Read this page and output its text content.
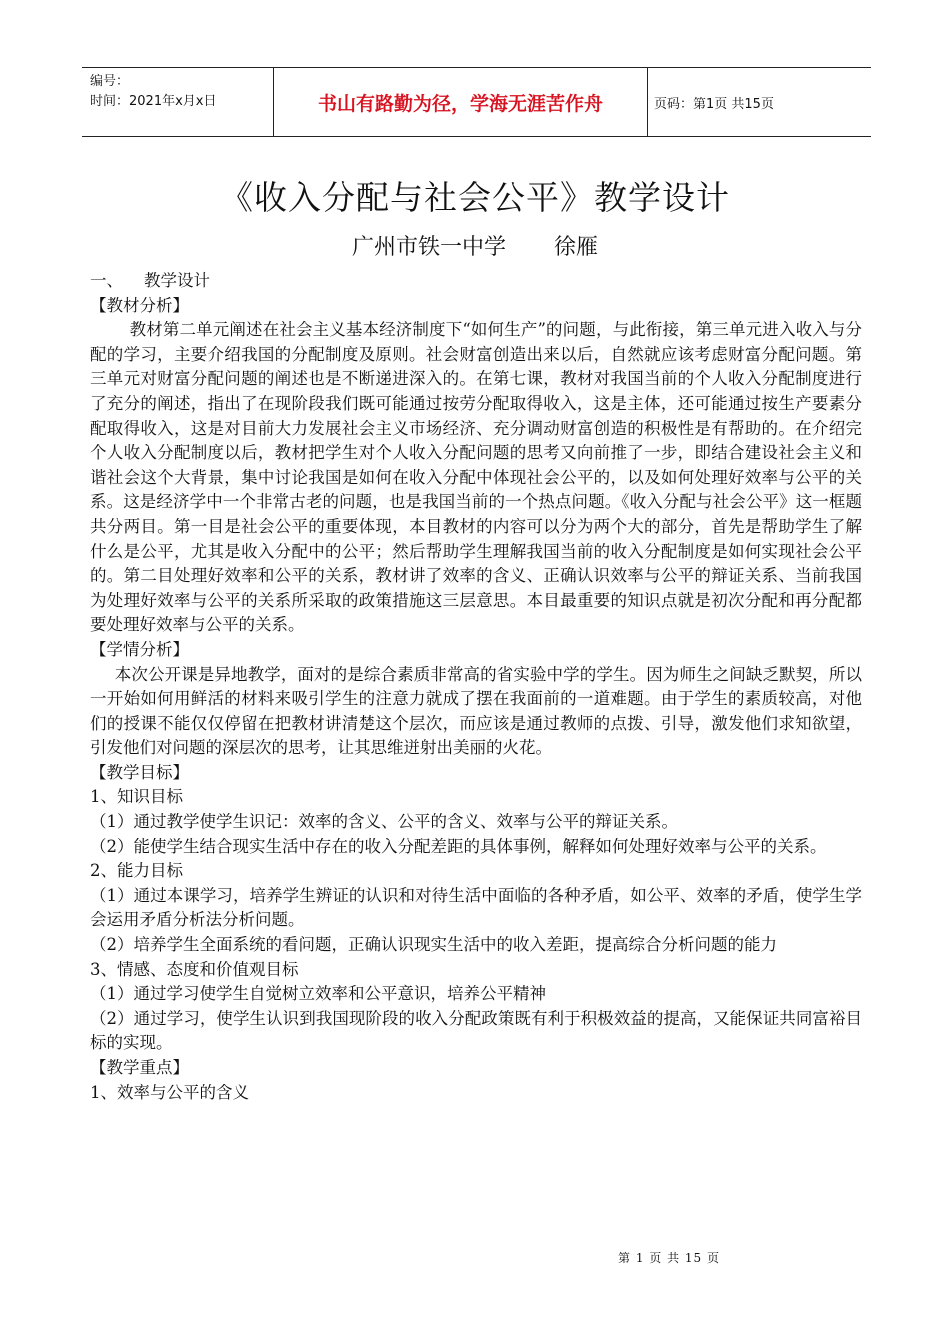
编号：
时间：2021年x月x日	书山有路勤为径，学海无涯苦作舟	页码：第1页 共15页
《收入分配与社会公平》教学设计
广州市铁一中学 徐雁

一、    教学设计

【教材分析】

教材第二单元阐述在社会主义基本经济制度下“如何生产”的问题，与此衔接，第三单元进入收入与分配的学习，主要介绍我国的分配制度及原则。社会财富创造出来以后，自然就应该考虑财富分配问题。第三单元对财富分配问题的阐述也是不断递进深入的。在第七课，教材对我国当前的个人收入分配制度进行了充分的阐述，指出了在现阶段我们既可能通过按劳分配取得收入，这是主体，还可能通过按生产要素分配取得收入，这是对目前大力发展社会主义市场经济、充分调动财富创造的积极性是有帮助的。在介绍完个人收入分配制度以后，教材把学生对个人收入分配问题的思考又向前推了一步，即结合建设社会主义和谐社会这个大背景，集中讨论我国是如何在收入分配中体现社会公平的，以及如何处理好效率与公平的关系。这是经济学中一个非常古老的问题，也是我国当前的一个热点问题。《收入分配与社会公平》这一框题共分两目。第一目是社会公平的重要体现，本目教材的内容可以分为两个大的部分，首先是帮助学生了解什么是公平，尤其是收入分配中的公平；然后帮助学生理解我国当前的收入分配制度是如何实现社会公平的。第二目处理好效率和公平的关系，教材讲了效率的含义、正确认识效率与公平的辩证关系、当前我国为处理好效率与公平的关系所采取的政策措施这三层意思。本目最重要的知识点就是初次分配和再分配都要处理好效率与公平的关系。

【学情分析】

本次公开课是异地教学，面对的是综合素质非常高的省实验中学的学生。因为师生之间缺乏默契，所以一开始如何用鲜活的材料来吸引学生的注意力就成了摆在我面前的一道难题。由于学生的素质较高，对他们的授课不能仅仅停留在把教材讲清楚这个层次，而应该是通过教师的点拨、引导，激发他们求知欲望，引发他们对问题的深层次的思考，让其思维迸射出美丽的火花。

【教学目标】

1、知识目标

（1）通过教学使学生识记：效率的含义、公平的含义、效率与公平的辩证关系。

（2）能使学生结合现实生活中存在的收入分配差距的具体事例，解释如何处理好效率与公平的关系。

2、能力目标

（1）通过本课学习，培养学生辨证的认识和对待生活中面临的各种矛盾，如公平、效率的矛盾，使学生学会运用矛盾分析法分析问题。

（2）培养学生全面系统的看问题，正确认识现实生活中的收入差距，提高综合分析问题的能力

3、情感、态度和价值观目标

（1）通过学习使学生自觉树立效率和公平意识，培养公平精神

（2）通过学习，使学生认识到我国现阶段的收入分配政策既有利于积极效益的提高，又能保证共同富裕目标的实现。

【教学重点】

1、效率与公平的含义

第 1 页 共 15 页
